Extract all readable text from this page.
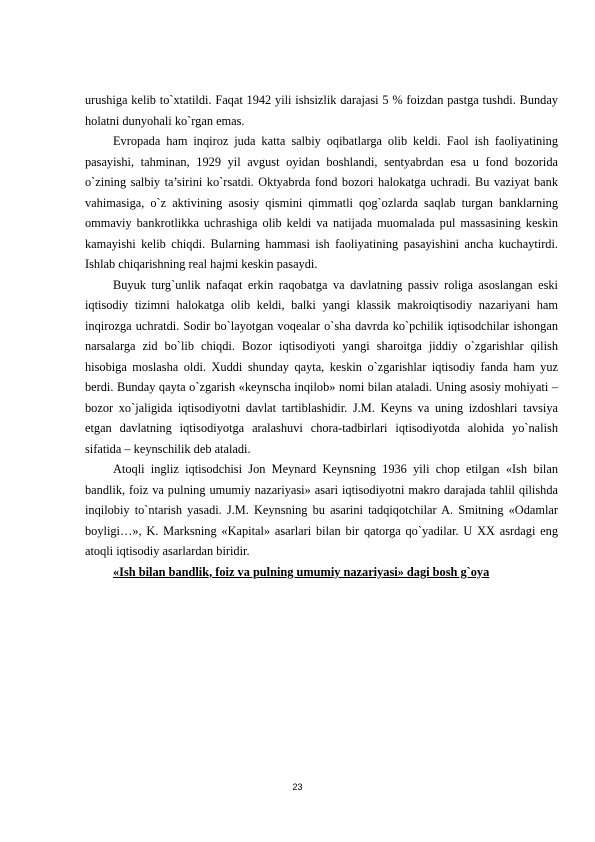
urushiga kelib to`xtatildi. Faqat 1942 yili ishsizlik darajasi 5 % foizdan pastga tushdi. Bunday holatni dunyohali ko`rgan emas.

Evropada ham inqiroz juda katta salbiy oqibatlarga olib keldi. Faol ish faoliyatining pasayishi, tahminan, 1929 yil avgust oyidan boshlandi, sentyabrdan esa u fond bozorida o`zining salbiy ta’sirini ko`rsatdi. Oktyabrda fond bozori halokatga uchradi. Bu vaziyat bank vahimasiga, o`z aktivining asosiy qismini qimmatli qog`ozlarda saqlab turgan banklarning ommaviy bankrotlikka uchrashiga olib keldi va natijada muomalada pul massasining keskin kamayishi kelib chiqdi. Bularning hammasi ish faoliyatining pasayishini ancha kuchaytirdi. Ishlab chiqarishning real hajmi keskin pasaydi.

Buyuk turg`unlik nafaqat erkin raqobatga va davlatning passiv roliga asoslangan eski iqtisodiy tizimni halokatga olib keldi, balki yangi klassik makroiqtisodiy nazariyani ham inqirozga uchratdi. Sodir bo`layotgan voqealar o`sha davrda ko`pchilik iqtisodchilar ishongan narsalarga zid bo`lib chiqdi. Bozor iqtisodiyoti yangi sharoitga jiddiy o`zgarishlar qilish hisobiga moslasha oldi. Xuddi shunday qayta, keskin o`zgarishlar iqtisodiy fanda ham yuz berdi. Bunday qayta o`zgarish «keynscha inqilob» nomi bilan ataladi. Uning asosiy mohiyati – bozor xo`jaligida iqtisodiyotni davlat tartiblashidir. J.M. Keyns va uning izdoshlari tavsiya etgan davlatning iqtisodiyotga aralashuvi chora-tadbirlari iqtisodiyotda alohida yo`nalish sifatida – keynschilik deb ataladi.

Atoqli ingliz iqtisodchisi Jon Meynard Keynsning 1936 yili chop etilgan «Ish bilan bandlik, foiz va pulning umumiy nazariyasi» asari iqtisodiyotni makro darajada tahlil qilishda inqilobiy to`ntarish yasadi. J.M. Keynsning bu asarini tadqiqotchilar A. Smitning «Odamlar boyligi…», K. Marksning «Kapital» asarlari bilan bir qatorga qo`yadilar. U XX asrdagi eng atoqli iqtisodiy asarlardan biridir.

«Ish bilan bandlik, foiz va pulning umumiy nazariyasi» dagi bosh g`oya

23
